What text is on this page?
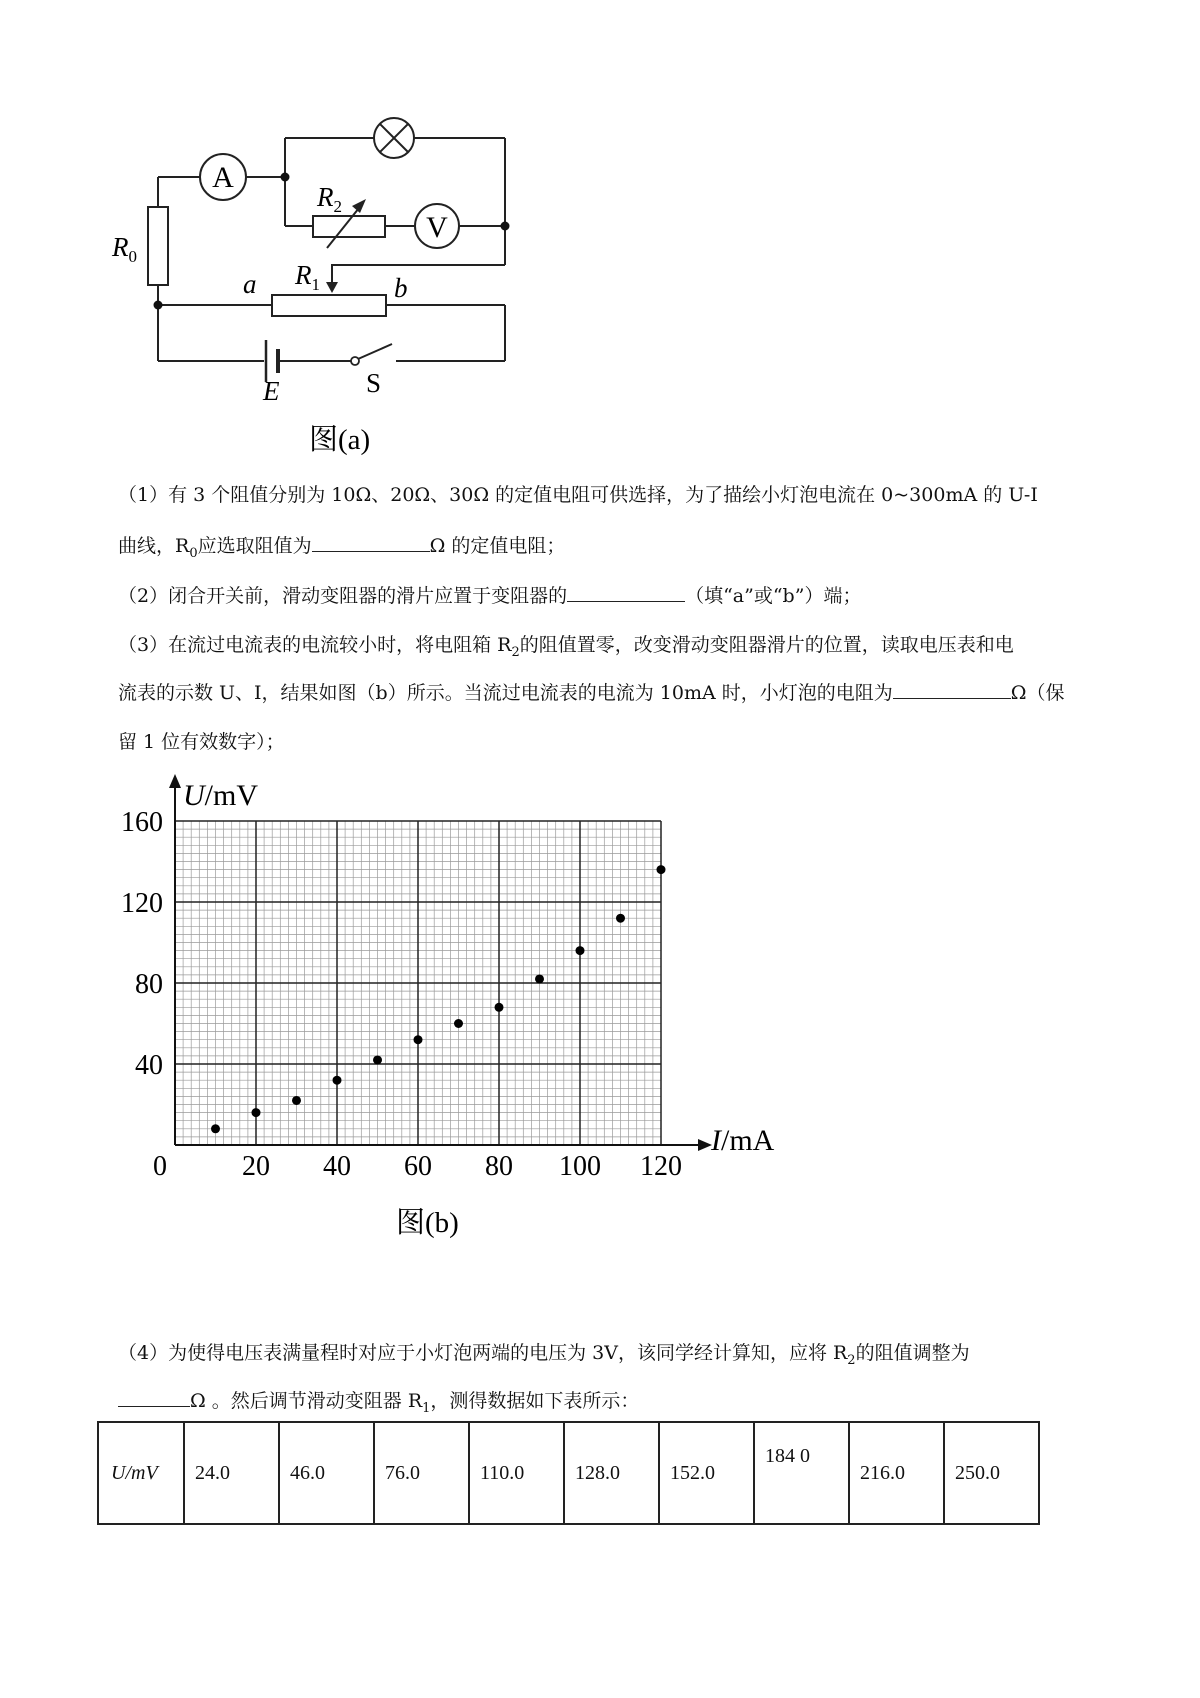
A
V
$R_2$
$R_0$
$R_1$
a	b
E	S
图(a)
（1）有 3 个阻值分别为 10Ω、20Ω、30Ω 的定值电阻可供选择，为了描绘小灯泡电流在 0~300mA 的 U-I
曲线，$R_0$应选取阻值为	Ω 的定值电阻；
（2）闭合开关前，滑动变阻器的滑片应置于变阻器的	（填“a”或“b”）端；
（3）在流过电流表的电流较小时，将电阻箱 $R_2$的阻值置零，改变滑动变阻器滑片的位置，读取电压表和电
流表的示数 U、I，结果如图（b）所示。当流过电流表的电流为 10mA 时，小灯泡的电阻为	Ω（保
留 1 位有效数字）；
0	20 40 60 80 100 120
40
80
120
160
U/mV
I/mA
图(b)
（4）为使得电压表满量程时对应于小灯泡两端的电压为 3V，该同学经计算知，应将 $R_2$的阻值调整为
Ω 。然后调节滑动变阻器 $R_1$，测得数据如下表所示：
U/mV	24.0	46.0	76.0	110.0	128.0	152.0	184 0	216.0	250.0
